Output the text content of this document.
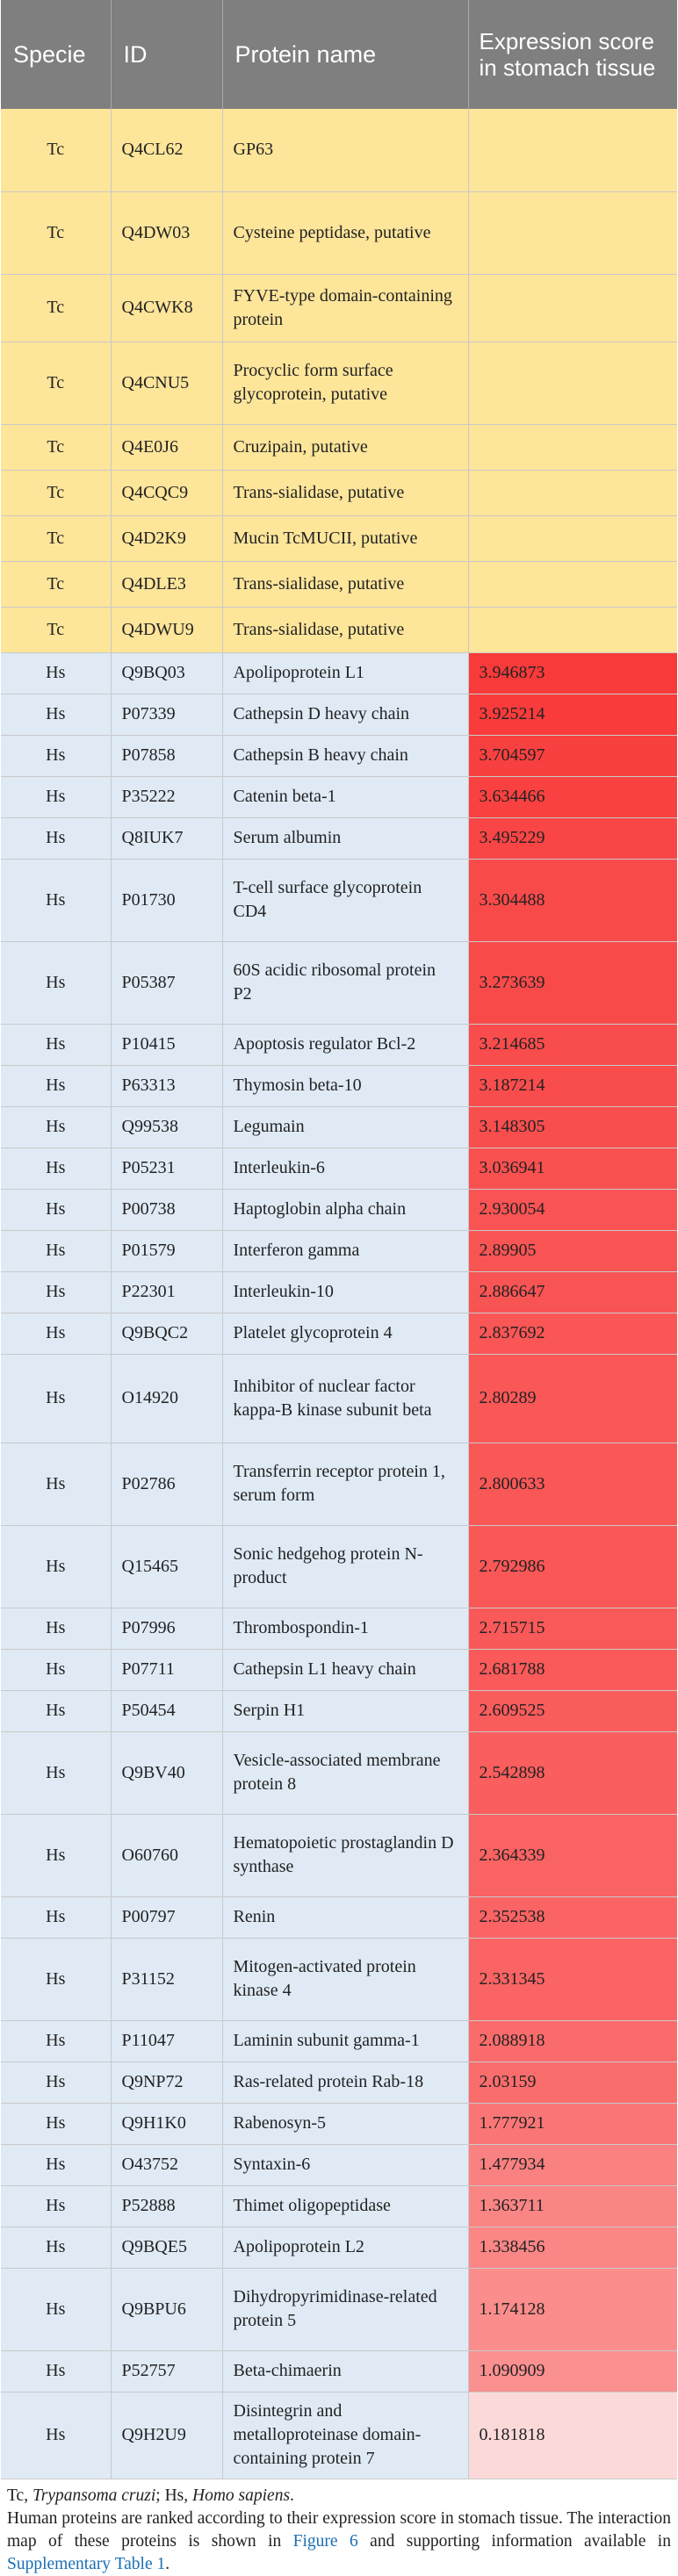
Specie	ID	Protein name	Expression score in stomach tissue
Tc	Q4CL62	GP63	
Tc	Q4DW03	Cysteine peptidase, putative	
Tc	Q4CWK8	FYVE-type domain-containing protein	
Tc	Q4CNU5	Procyclic form surface glycoprotein, putative	
Tc	Q4E0J6	Cruzipain, putative	
Tc	Q4CQC9	Trans-sialidase, putative	
Tc	Q4D2K9	Mucin TcMUCII, putative	
Tc	Q4DLE3	Trans-sialidase, putative	
Tc	Q4DWU9	Trans-sialidase, putative	
Hs	Q9BQ03	Apolipoprotein L1	3.946873
Hs	P07339	Cathepsin D heavy chain	3.925214
Hs	P07858	Cathepsin B heavy chain	3.704597
Hs	P35222	Catenin beta-1	3.634466
Hs	Q8IUK7	Serum albumin	3.495229
Hs	P01730	T-cell surface glycoprotein CD4	3.304488
Hs	P05387	60S acidic ribosomal protein P2	3.273639
Hs	P10415	Apoptosis regulator Bcl-2	3.214685
Hs	P63313	Thymosin beta-10	3.187214
Hs	Q99538	Legumain	3.148305
Hs	P05231	Interleukin-6	3.036941
Hs	P00738	Haptoglobin alpha chain	2.930054
Hs	P01579	Interferon gamma	2.89905
Hs	P22301	Interleukin-10	2.886647
Hs	Q9BQC2	Platelet glycoprotein 4	2.837692
Hs	O14920	Inhibitor of nuclear factor kappa-B kinase subunit beta	2.80289
Hs	P02786	Transferrin receptor protein 1, serum form	2.800633
Hs	Q15465	Sonic hedgehog protein N-product	2.792986
Hs	P07996	Thrombospondin-1	2.715715
Hs	P07711	Cathepsin L1 heavy chain	2.681788
Hs	P50454	Serpin H1	2.609525
Hs	Q9BV40	Vesicle-associated membrane protein 8	2.542898
Hs	O60760	Hematopoietic prostaglandin D synthase	2.364339
Hs	P00797	Renin	2.352538
Hs	P31152	Mitogen-activated protein kinase 4	2.331345
Hs	P11047	Laminin subunit gamma-1	2.088918
Hs	Q9NP72	Ras-related protein Rab-18	2.03159
Hs	Q9H1K0	Rabenosyn-5	1.777921
Hs	O43752	Syntaxin-6	1.477934
Hs	P52888	Thimet oligopeptidase	1.363711
Hs	Q9BQE5	Apolipoprotein L2	1.338456
Hs	Q9BPU6	Dihydropyrimidinase-related protein 5	1.174128
Hs	P52757	Beta-chimaerin	1.090909
Hs	Q9H2U9	Disintegrin and metalloproteinase domain-containing protein 7	0.181818

Tc, Trypansoma cruzi; Hs, Homo sapiens.

Human proteins are ranked according to their expression score in stomach tissue. The interaction map of these proteins is shown in Figure 6 and supporting information available in Supplementary Table 1.
